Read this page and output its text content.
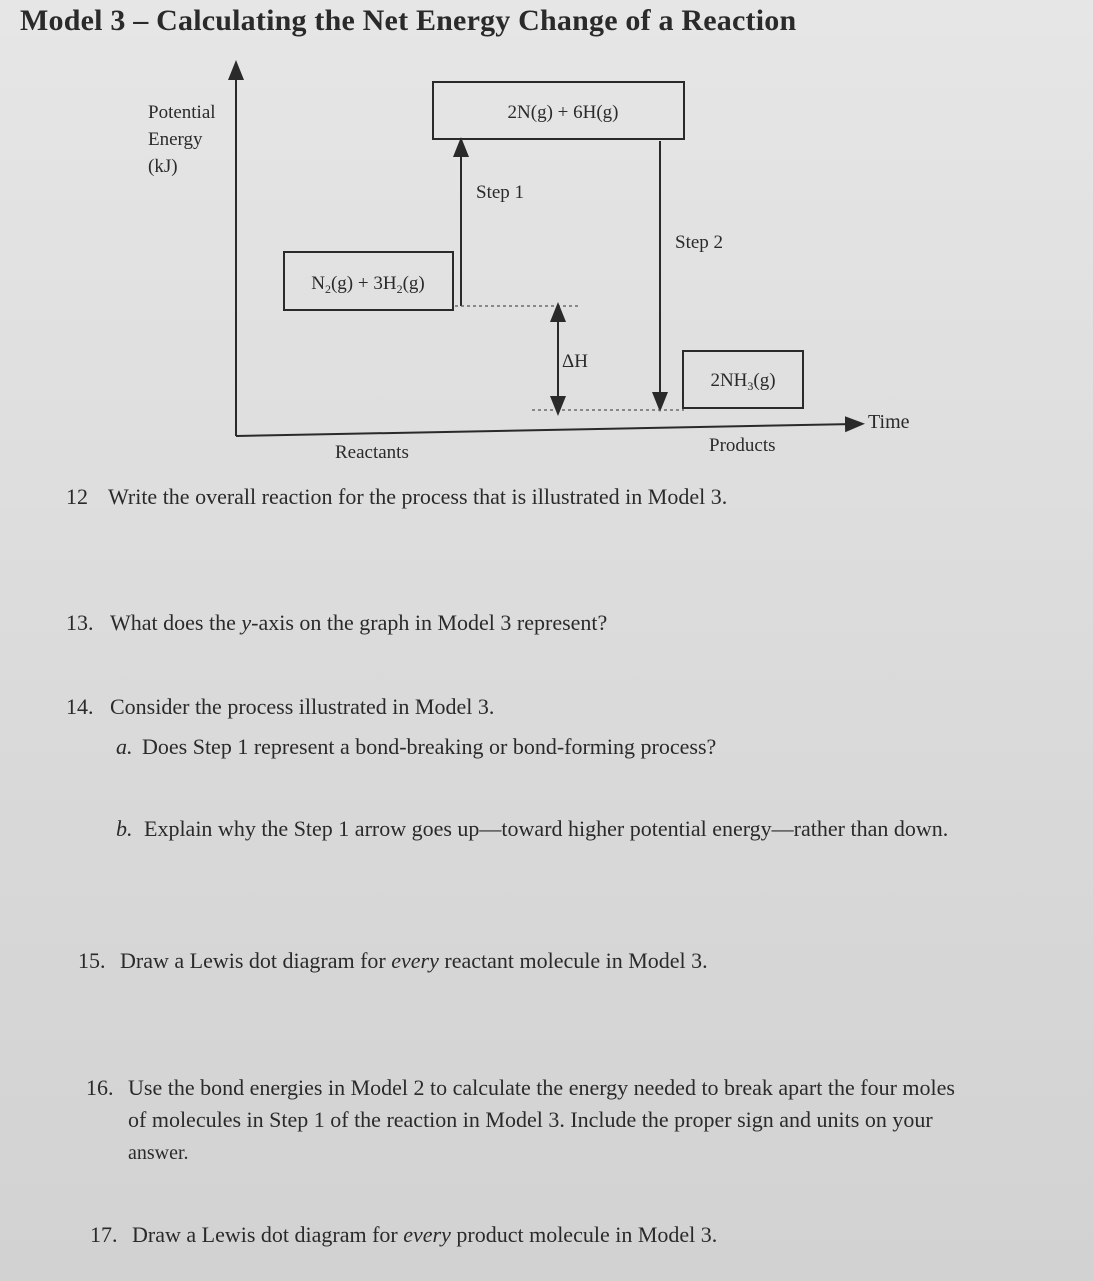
Model 3 – Calculating the Net Energy Change of a Reaction
Potential
Energy
(kJ)
Time
2N(g) + 6H(g)
$N_2(g) + 3H_2(g)$
$2NH_3(g)$
Step 1
Step 2
ΔH
Reactants	Products

12 Write the overall reaction for the process that is illustrated in Model 3.

13. What does the y-axis on the graph in Model 3 represent?

14. Consider the process illustrated in Model 3.

a. Does Step 1 represent a bond-breaking or bond-forming process?

b. Explain why the Step 1 arrow goes up—toward higher potential energy—rather than down.

15. Draw a Lewis dot diagram for every reactant molecule in Model 3.

16. Use the bond energies in Model 2 to calculate the energy needed to break apart the four moles
of molecules in Step 1 of the reaction in Model 3. Include the proper sign and units on your
answer.

17. Draw a Lewis dot diagram for every product molecule in Model 3.
